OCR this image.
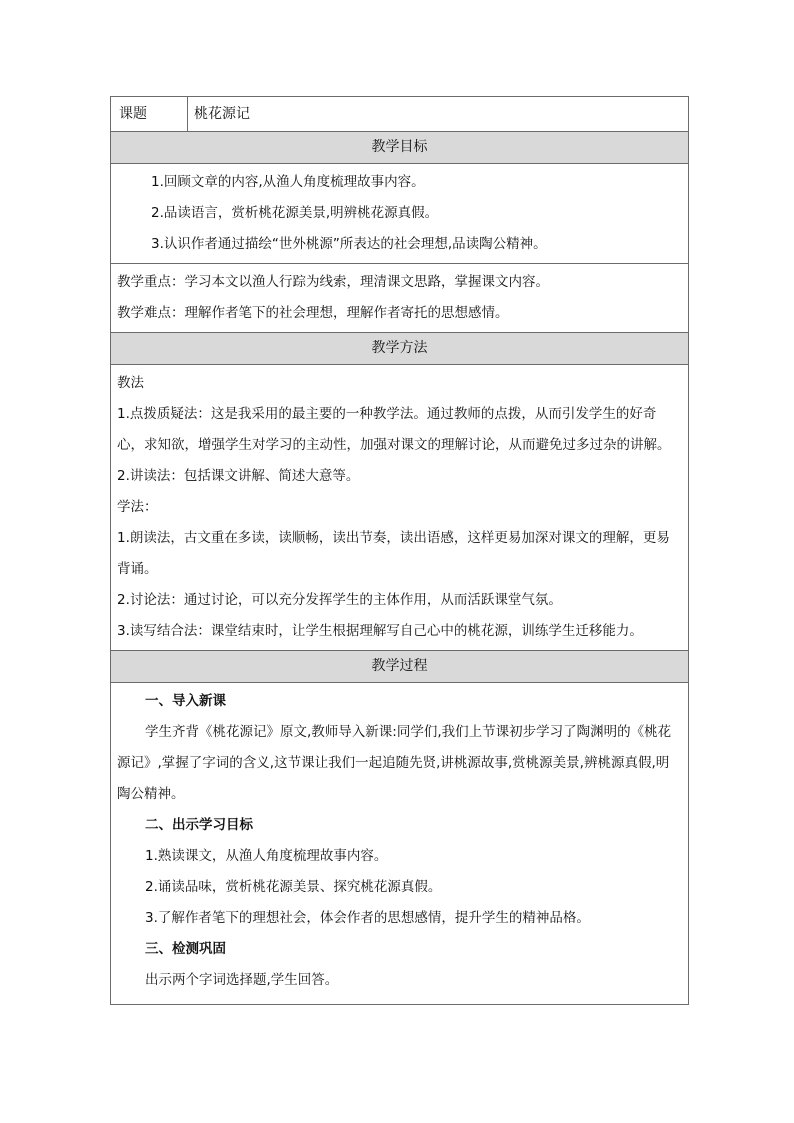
课题	桃花源记
教学目标

1.回顾文章的内容,从渔人角度梳理故事内容。

2.品读语言，赏析桃花源美景,明辨桃花源真假。

3.认识作者通过描绘“世外桃源”所表达的社会理想,品读陶公精神。

教学重点：学习本文以渔人行踪为线索，理清课文思路，掌握课文内容。

教学难点：理解作者笔下的社会理想，理解作者寄托的思想感情。

教学方法

教法

1.点拨质疑法：这是我采用的最主要的一种教学法。通过教师的点拨，从而引发学生的好奇心，求知欲，增强学生对学习的主动性，加强对课文的理解讨论，从而避免过多过杂的讲解。

2.讲读法：包括课文讲解、简述大意等。

学法：

1.朗读法，古文重在多读，读顺畅，读出节奏，读出语感，这样更易加深对课文的理解，更易背诵。

2.讨论法：通过讨论，可以充分发挥学生的主体作用，从而活跃课堂气氛。

3.读写结合法：课堂结束时，让学生根据理解写自己心中的桃花源，训练学生迁移能力。

教学过程

一、导入新课

学生齐背《桃花源记》原文,教师导入新课:同学们,我们上节课初步学习了陶渊明的《桃花源记》,掌握了字词的含义,这节课让我们一起追随先贤,讲桃源故事,赏桃源美景,辨桃源真假,明陶公精神。

二、出示学习目标

1.熟读课文，从渔人角度梳理故事内容。

2.诵读品味，赏析桃花源美景、探究桃花源真假。

3.了解作者笔下的理想社会，体会作者的思想感情，提升学生的精神品格。

三、检测巩固

出示两个字词选择题,学生回答。
